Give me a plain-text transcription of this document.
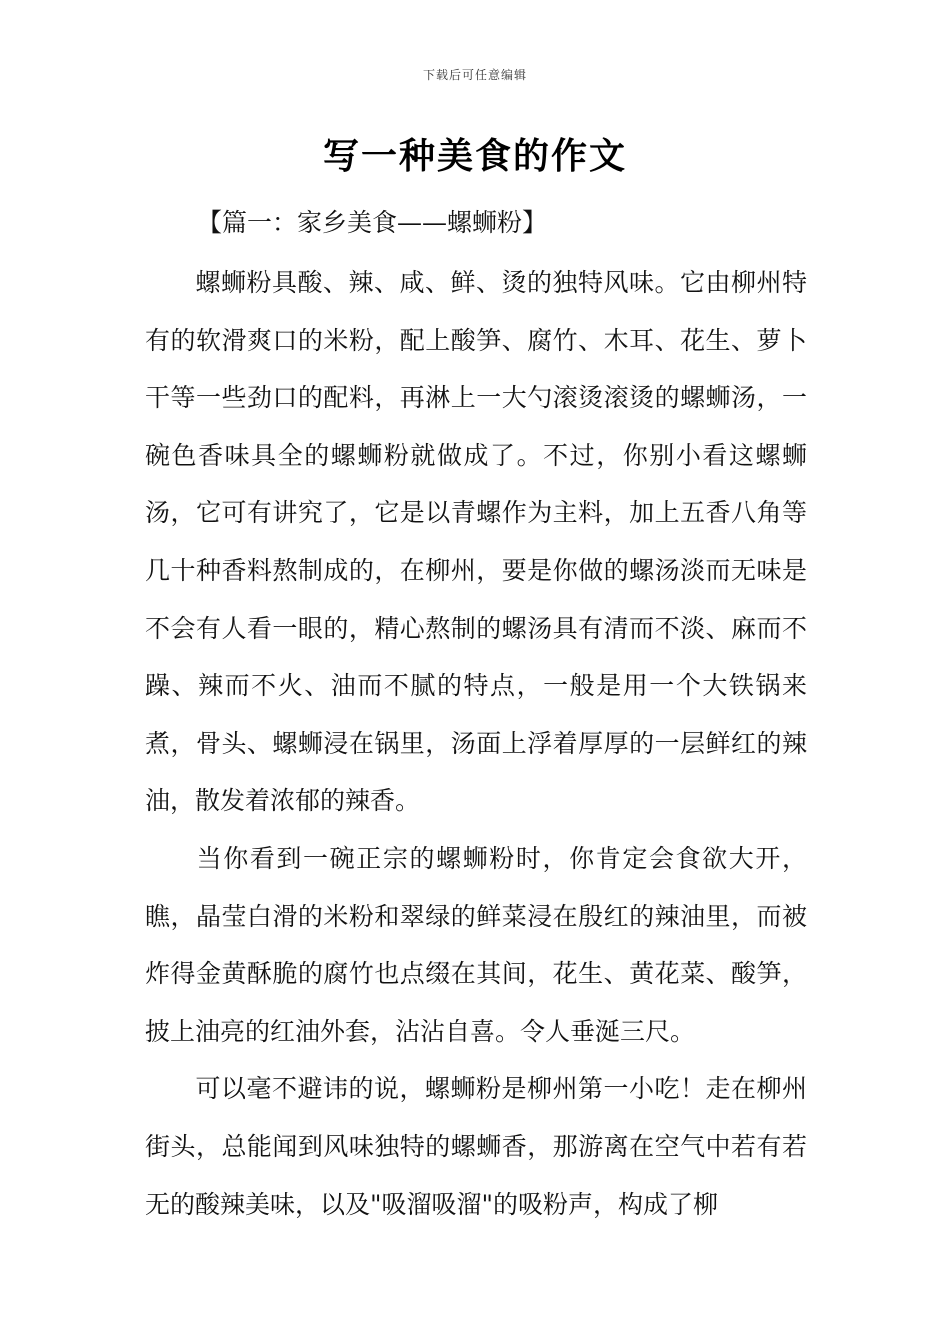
下载后可任意编辑
写一种美食的作文

【篇一：家乡美食——螺蛳粉】

螺蛳粉具酸、辣、咸、鲜、烫的独特风味。它由柳州特有的软滑爽口的米粉，配上酸笋、腐竹、木耳、花生、萝卜干等一些劲口的配料，再淋上一大勺滚烫滚烫的螺蛳汤，一碗色香味具全的螺蛳粉就做成了。不过，你别小看这螺蛳汤，它可有讲究了，它是以青螺作为主料，加上五香八角等几十种香料熬制成的，在柳州，要是你做的螺汤淡而无味是不会有人看一眼的，精心熬制的螺汤具有清而不淡、麻而不躁、辣而不火、油而不腻的特点，一般是用一个大铁锅来煮，骨头、螺蛳浸在锅里，汤面上浮着厚厚的一层鲜红的辣油，散发着浓郁的辣香。

当你看到一碗正宗的螺蛳粉时，你肯定会食欲大开，瞧，晶莹白滑的米粉和翠绿的鲜菜浸在殷红的辣油里，而被炸得金黄酥脆的腐竹也点缀在其间，花生、黄花菜、酸笋，披上油亮的红油外套，沾沾自喜。令人垂涎三尺。

可以毫不避讳的说，螺蛳粉是柳州第一小吃！走在柳州街头，总能闻到风味独特的螺蛳香，那游离在空气中若有若无的酸辣美味，以及"吸溜吸溜"的吸粉声，构成了柳
